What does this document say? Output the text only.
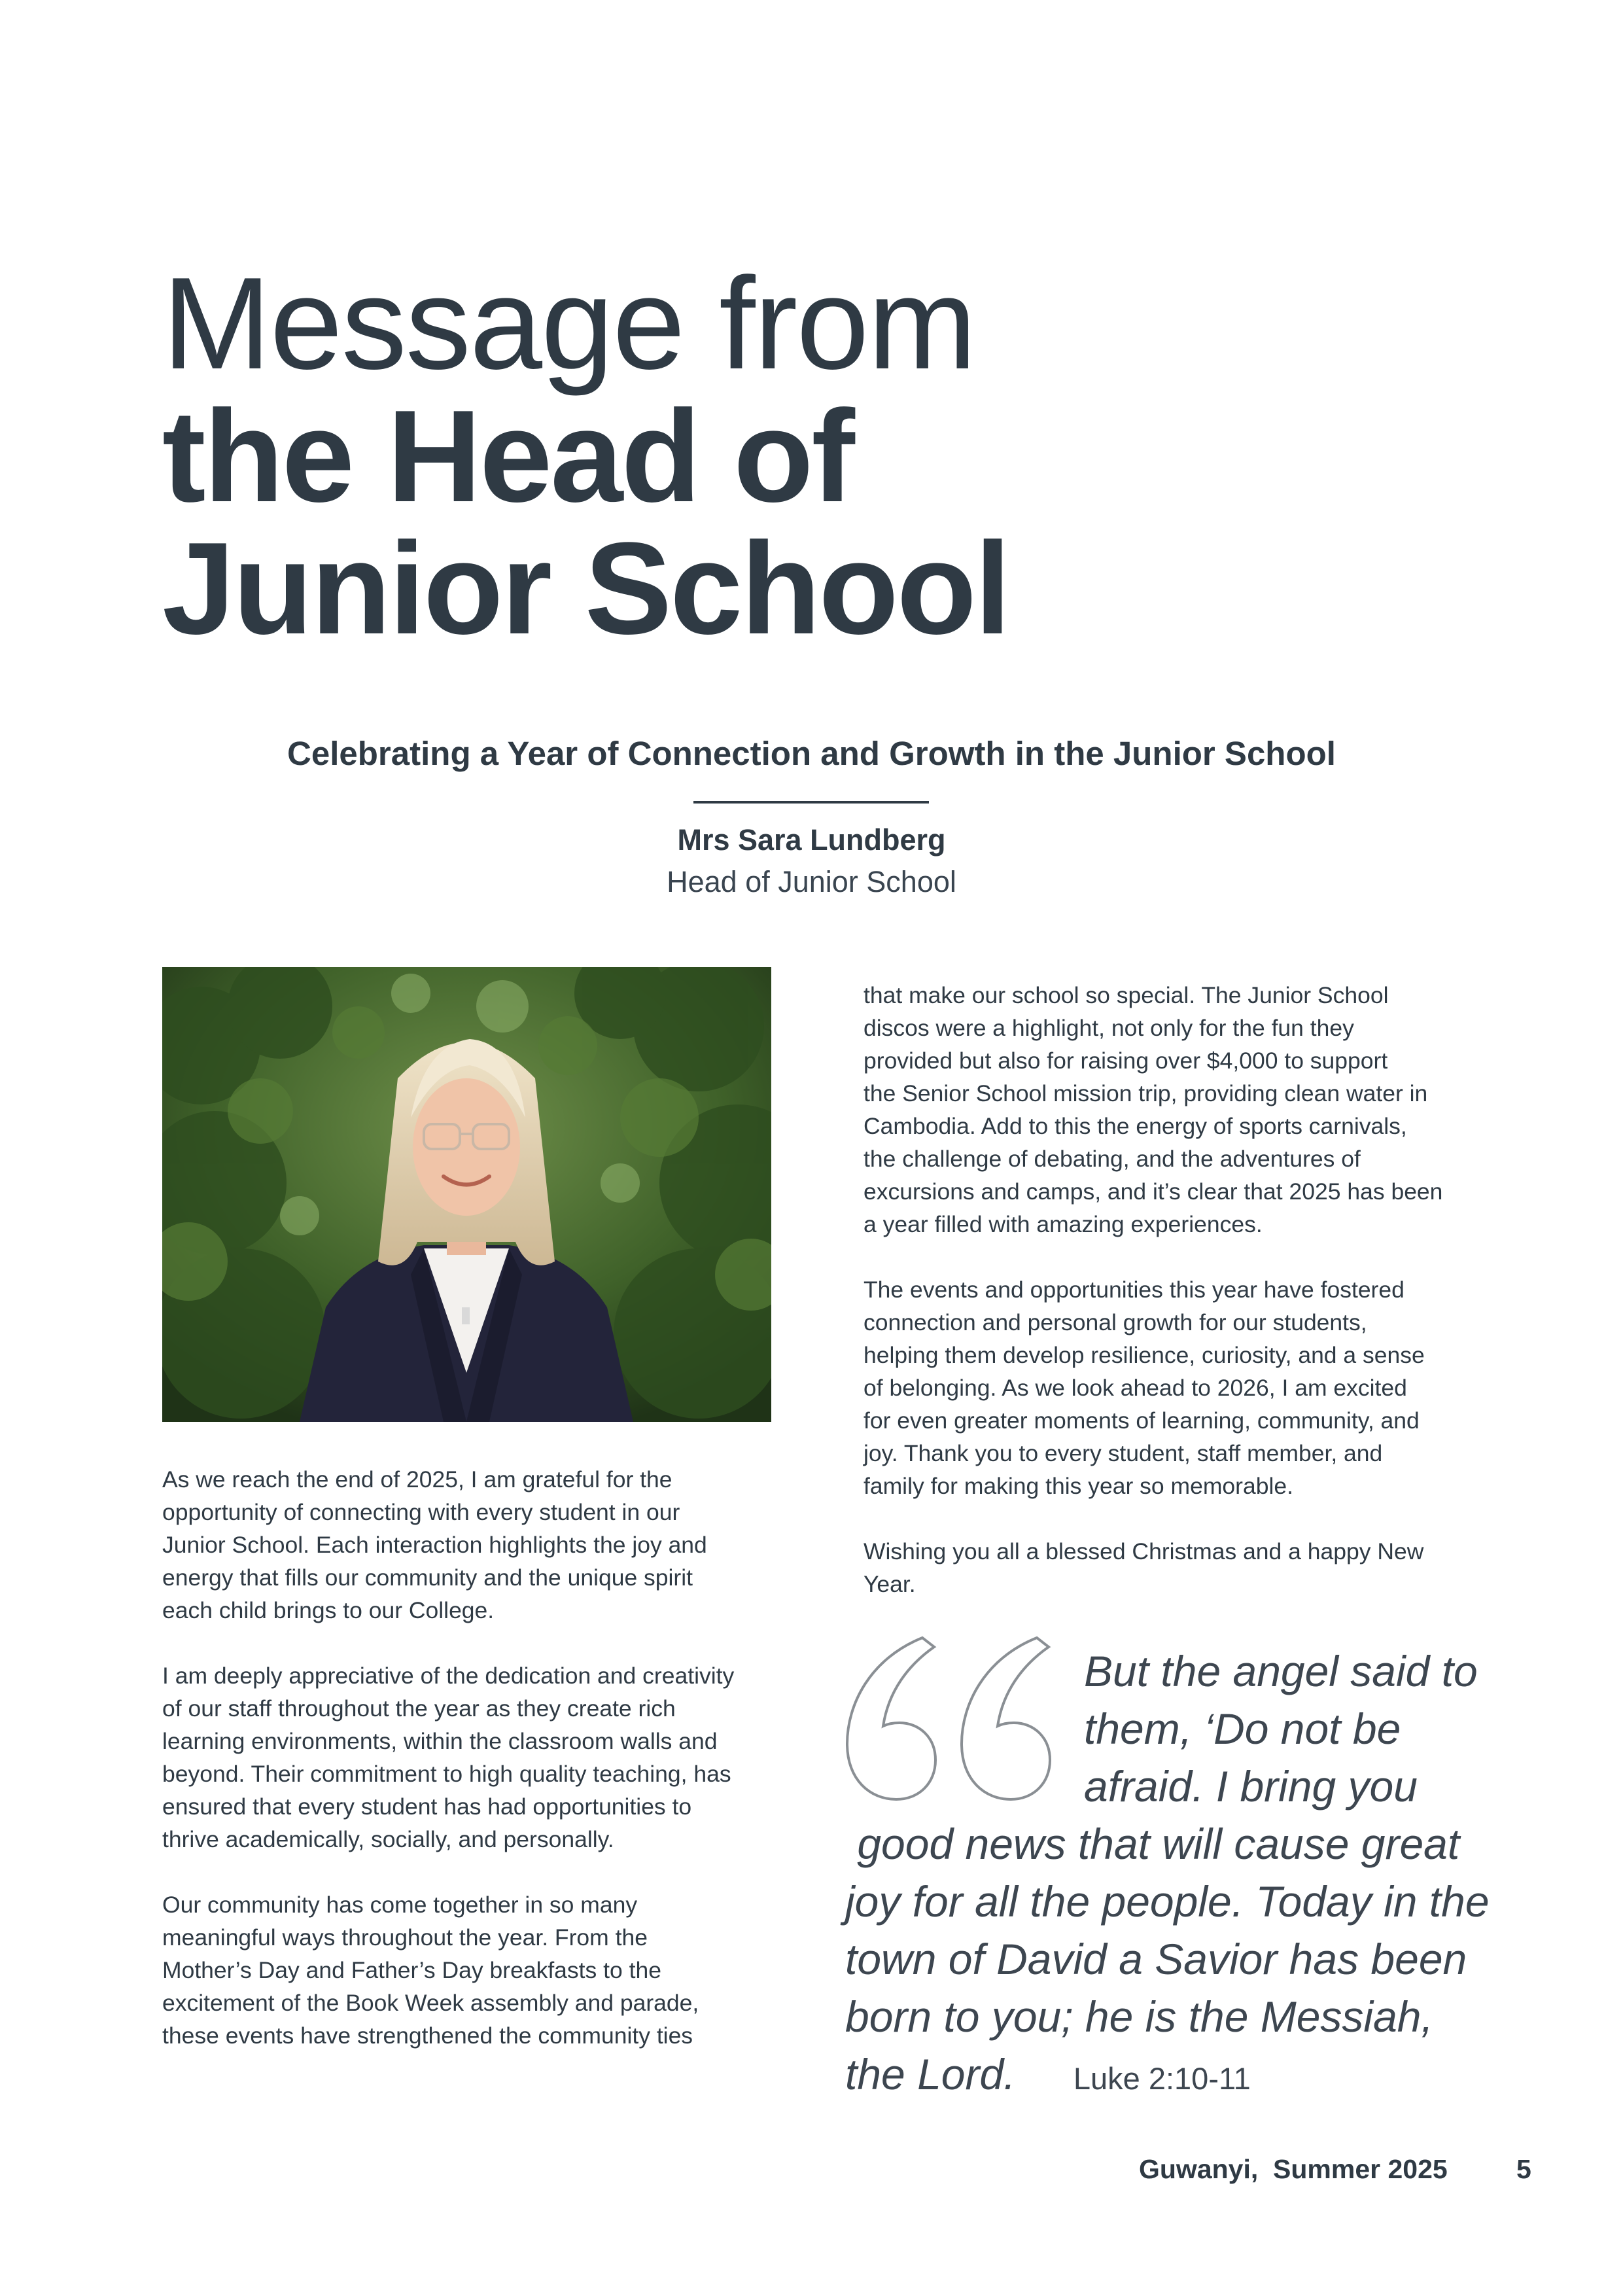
Message from
the Head of
Junior School
Celebrating a Year of Connection and Growth in the Junior School
Mrs Sara Lundberg
Head of Junior School
As we reach the end of 2025, I am grateful for the
opportunity of connecting with every student in our
Junior School. Each interaction highlights the joy and
energy that fills our community and the unique spirit
each child brings to our College.
I am deeply appreciative of the dedication and creativity
of our staff throughout the year as they create rich
learning environments, within the classroom walls and
beyond. Their commitment to high quality teaching, has
ensured that every student has had opportunities to
thrive academically, socially, and personally.
Our community has come together in so many
meaningful ways throughout the year. From the
Mother’s Day and Father’s Day breakfasts to the
excitement of the Book Week assembly and parade,
these events have strengthened the community ties
that make our school so special. The Junior School
discos were a highlight, not only for the fun they
provided but also for raising over $4,000 to support
the Senior School mission trip, providing clean water in
Cambodia. Add to this the energy of sports carnivals,
the challenge of debating, and the adventures of
excursions and camps, and it’s clear that 2025 has been
a year filled with amazing experiences.
The events and opportunities this year have fostered
connection and personal growth for our students,
helping them develop resilience, curiosity, and a sense
of belonging. As we look ahead to 2026, I am excited
for even greater moments of learning, community, and
joy. Thank you to every student, staff member, and
family for making this year so memorable.
Wishing you all a blessed Christmas and a happy New
Year.
But the angel said to
them, ‘Do not be
afraid. I bring you
good news that will cause great
joy for all the people. Today in the
town of David a Savior has been
born to you; he is the Messiah,
the Lord. Luke 2:10-11
Guwanyi,  Summer 2025	5
